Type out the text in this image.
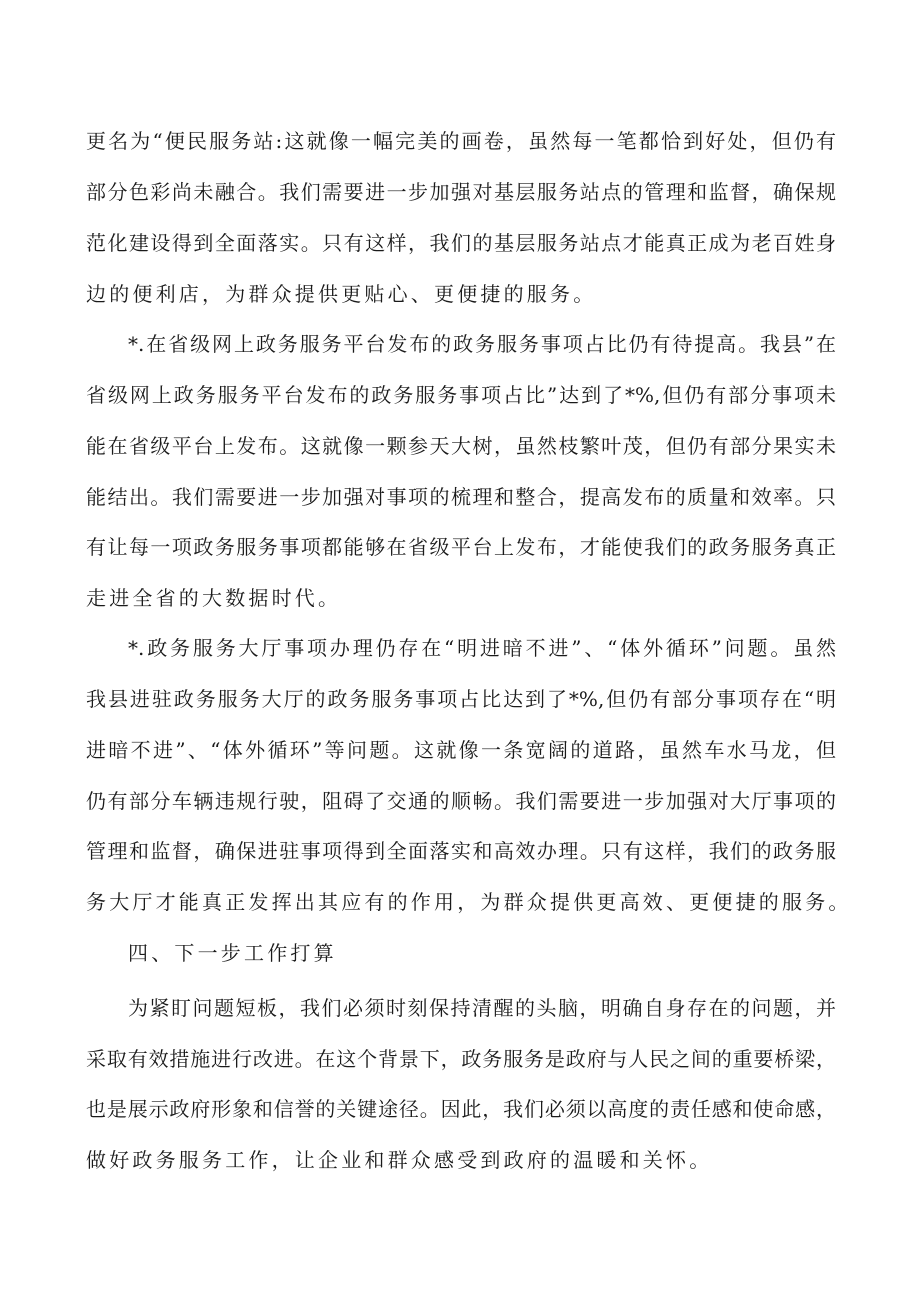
更名为“便民服务站:这就像一幅完美的画卷，虽然每一笔都恰到好处，但仍有
部分色彩尚未融合。我们需要进一步加强对基层服务站点的管理和监督，确保规
范化建设得到全面落实。只有这样，我们的基层服务站点才能真正成为老百姓身
边的便利店，为群众提供更贴心、更便捷的服务。
*.在省级网上政务服务平台发布的政务服务事项占比仍有待提高。我县”在
省级网上政务服务平台发布的政务服务事项占比”达到了*%,但仍有部分事项未
能在省级平台上发布。这就像一颗参天大树，虽然枝繁叶茂，但仍有部分果实未
能结出。我们需要进一步加强对事项的梳理和整合，提高发布的质量和效率。只
有让每一项政务服务事项都能够在省级平台上发布，才能使我们的政务服务真正
走进全省的大数据时代。
*.政务服务大厅事项办理仍存在“明进暗不进”、“体外循环”问题。虽然
我县进驻政务服务大厅的政务服务事项占比达到了*%,但仍有部分事项存在“明
进暗不进”、“体外循环”等问题。这就像一条宽阔的道路，虽然车水马龙，但
仍有部分车辆违规行驶，阻碍了交通的顺畅。我们需要进一步加强对大厅事项的
管理和监督，确保进驻事项得到全面落实和高效办理。只有这样，我们的政务服
务大厅才能真正发挥出其应有的作用，为群众提供更高效、更便捷的服务。
四、下一步工作打算
为紧盯问题短板，我们必须时刻保持清醒的头脑，明确自身存在的问题，并
采取有效措施进行改进。在这个背景下，政务服务是政府与人民之间的重要桥梁，
也是展示政府形象和信誉的关键途径。因此，我们必须以高度的责任感和使命感，
做好政务服务工作，让企业和群众感受到政府的温暖和关怀。
